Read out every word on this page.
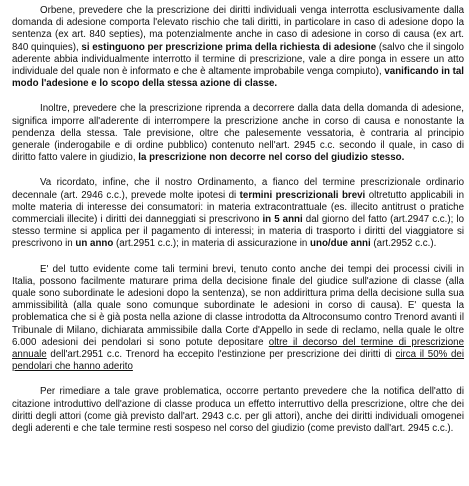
Orbene, prevedere che la prescrizione dei diritti individuali venga interrotta esclusivamente dalla domanda di adesione comporta l'elevato rischio che tali diritti, in particolare in caso di adesione dopo la sentenza (ex art. 840 septies), ma potenzialmente anche in caso di adesione in corso di causa (ex art. 840 quinquies), si estinguono per prescrizione prima della richiesta di adesione (salvo che il singolo aderente abbia individualmente interrotto il termine di prescrizione, vale a dire ponga in essere un atto individuale del quale non è informato e che è altamente improbabile venga compiuto), vanificando in tal modo l'adesione e lo scopo della stessa azione di classe.

Inoltre, prevedere che la prescrizione riprenda a decorrere dalla data della domanda di adesione, significa imporre all'aderente di interrompere la prescrizione anche in corso di causa e nonostante la pendenza della stessa. Tale previsione, oltre che palesemente vessatoria, è contraria al principio generale (inderogabile e di ordine pubblico) contenuto nell'art. 2945 c.c. secondo il quale, in caso di diritto fatto valere in giudizio, la prescrizione non decorre nel corso del giudizio stesso.

Va ricordato, infine, che il nostro Ordinamento, a fianco del termine prescrizionale ordinario decennale (art. 2946 c.c.), prevede molte ipotesi di termini prescrizionali brevi oltretutto applicabili in molte materia di interesse dei consumatori: in materia extracontrattuale (es. illecito antitrust o pratiche commerciali illecite) i diritti dei danneggiati si prescrivono in 5 anni dal giorno del fatto (art.2947 c.c.); lo stesso termine si applica per il pagamento di interessi; in materia di trasporto i diritti del viaggiatore si prescrivono in un anno (art.2951 c.c.); in materia di assicurazione in uno/due anni (art.2952 c.c.).

E' del tutto evidente come tali termini brevi, tenuto conto anche dei tempi dei processi civili in Italia, possono facilmente maturare prima della decisione finale del giudice sull'azione di classe (alla quale sono subordinate le adesioni dopo la sentenza), se non addirittura prima della decisione sulla sua ammissibilità (alla quale sono comunque subordinate le adesioni in corso di causa). E' questa la problematica che si è già posta nella azione di classe introdotta da Altroconsumo contro Trenord avanti il Tribunale di Milano, dichiarata ammissibile dalla Corte d'Appello in sede di reclamo, nella quale le oltre 6.000 adesioni dei pendolari si sono potute depositare oltre il decorso del termine di prescrizione annuale dell'art.2951 c.c. Trenord ha eccepito l'estinzione per prescrizione dei diritti di circa il 50% dei pendolari che hanno aderito

Per rimediare a tale grave problematica, occorre pertanto prevedere che la notifica dell'atto di citazione introduttivo dell'azione di classe produca un effetto interruttivo della prescrizione, oltre che dei diritti degli attori (come già previsto dall'art. 2943 c.c. per gli attori), anche dei diritti individuali omogenei degli aderenti e che tale termine resti sospeso nel corso del giudizio (come previsto dall'art. 2945 c.c.).
